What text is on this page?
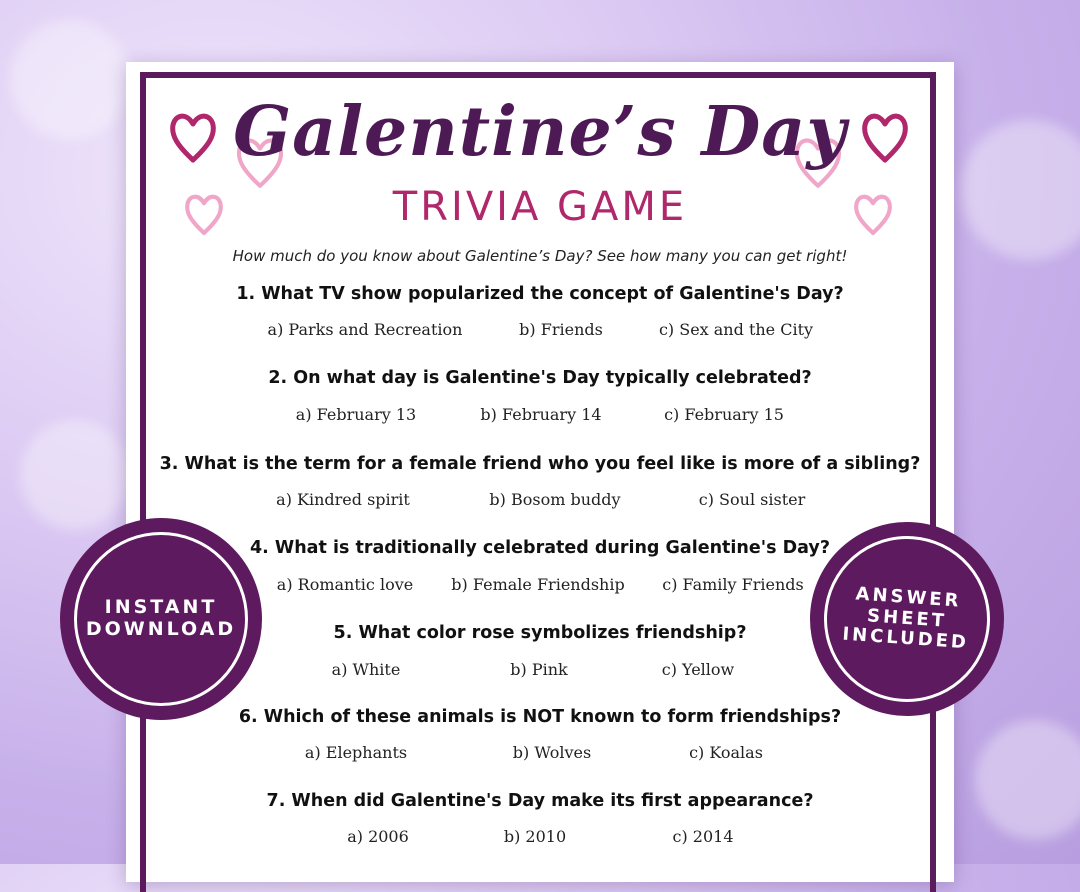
Galentine’s Day
TRIVIA GAME
How much do you know about Galentine’s Day? See how many you can get right!
1. What TV show popularized the concept of Galentine's Day?
a) Parks and Recreation	b) Friends	c) Sex and the City
2. On what day is Galentine's Day typically celebrated?
a) February 13	b) February 14	c) February 15
3. What is the term for a female friend who you feel like is more of a sibling?
a) Kindred spirit	b) Bosom buddy	c) Soul sister
4. What is traditionally celebrated during Galentine's Day?
a) Romantic love b) Female Friendship c) Family Friends
5. What color rose symbolizes friendship?
a) White	b) Pink	c) Yellow
6. Which of these animals is NOT known to form friendships?
a) Elephants	b) Wolves	c) Koalas
7. When did Galentine's Day make its first appearance?
a) 2006	b) 2010	c) 2014
INSTANT
DOWNLOAD
ANSWER
SHEET
INCLUDED
